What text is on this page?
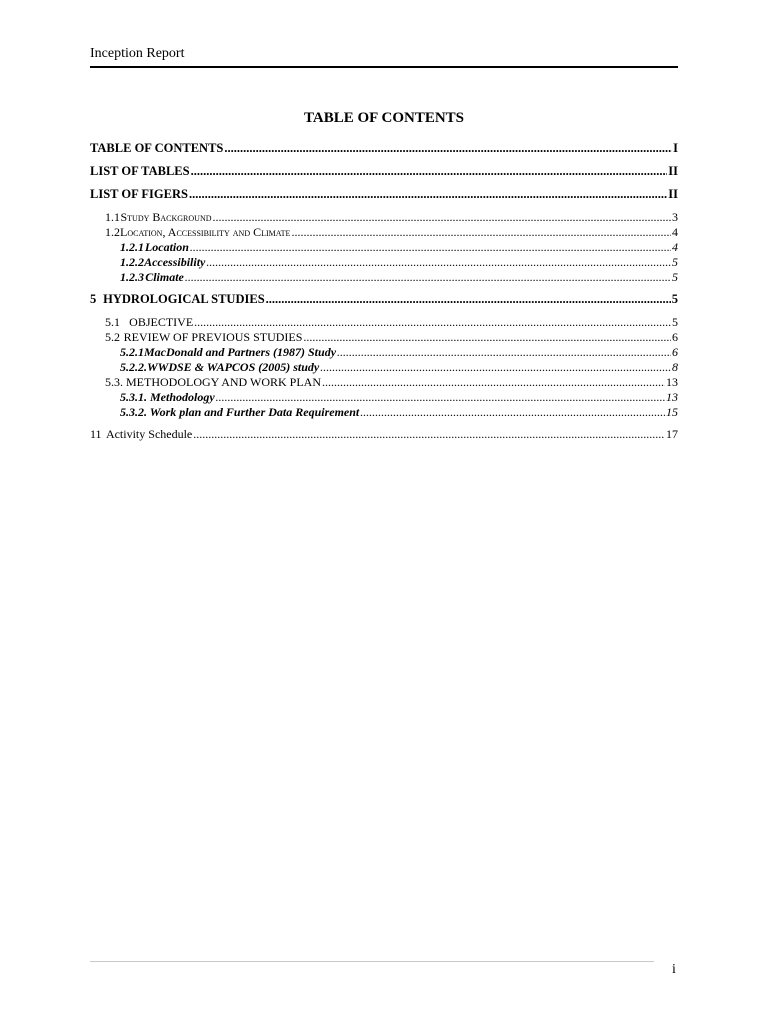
Inception Report
TABLE OF CONTENTS
TABLE OF CONTENTS .....	I
LIST OF TABLES .....	II
LIST OF FIGERS .....	II
1.1 Study Background .....	3
1.2 Location, Accessibility and Climate .....	4
1.2.1 Location .....	4
1.2.2 Accessibility .....	5
1.2.3 Climate .....	5
5 HYDROLOGICAL STUDIES .....	5
5.1 OBJECTIVE .....	5
5.2 REVIEW OF PREVIOUS STUDIES .....	6
5.2.1 MacDonald and Partners (1987) Study .....	6
5.2.2. WWDSE & WAPCOS (2005) study .....	8
5.3. METHODOLOGY AND WORK PLAN .....	13
5.3.1. Methodology .....	13
5.3.2. Work plan and Further Data Requirement .....	15
11 Activity Schedule .....	17
i
